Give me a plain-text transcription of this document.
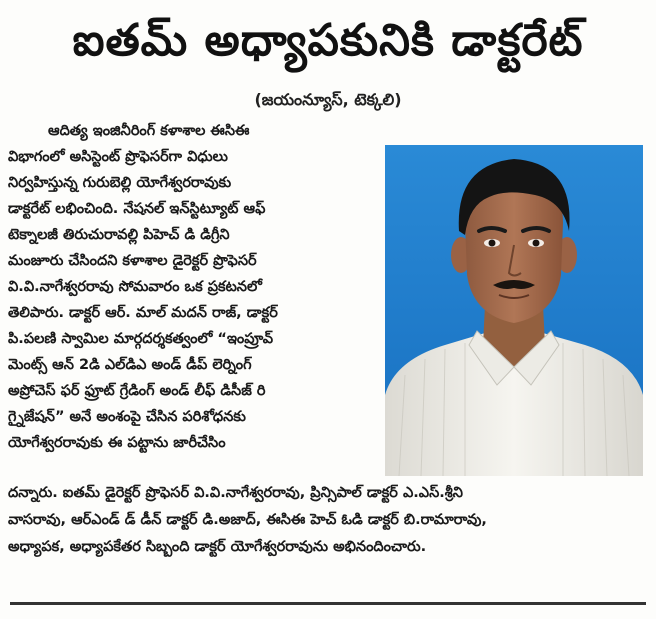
ఐతమ్ అధ్యాపకునికి డాక్టరేట్
(జయంన్యూస్, టెక్కలి)
ఆదిత్య ఇంజినీరింగ్ కళాశాల ఈసిఈ
విభాగంలో అసిస్టెంట్ ప్రొఫెసర్‌గా విధులు
నిర్వహిస్తున్న గురుబెల్లి యోగేశ్వరరావుకు
డాక్టరేట్ లభించింది. నేషనల్ ఇన్‌స్టిట్యూట్ ఆఫ్
టెక్నాలజీ తిరుచురావల్లి పిహెచ్ డి డిగ్రీని
మంజూరు చేసిందని కళాశాల డైరెక్టర్ ప్రొఫెసర్
వి.వి.నాగేశ్వరరావు సోమవారం ఒక ప్రకటనలో
తెలిపారు. డాక్టర్ ఆర్. మాల్ మదన్ రాజ్, డాక్టర్
పి.పలణి స్వామిల మార్గదర్శకత్వంలో “ఇంప్రూవ్
మెంట్స్ ఆన్ 2డి ఎల్‌డిఎ అండ్ డీప్ లెర్నింగ్
అప్రోచెస్ ఫర్ ఫ్రూట్ గ్రేడింగ్ అండ్ లీఫ్ డిసీజ్ రి
గ్నైజేషన్” అనే అంశంపై చేసిన పరిశోధనకు
యోగేశ్వరరావుకు ఈ పట్టాను జారీచేసిం
దన్నారు. ఐతమ్ డైరెక్టర్ ప్రొఫెసర్ వి.వి.నాగేశ్వరరావు, ప్రిన్సిపాల్ డాక్టర్ ఎ.ఎస్.శ్రీని
వాసరావు, ఆర్‌ఎండ్ డ్ డీన్ డాక్టర్ డి.అజాద్, ఈసిఈ హెచ్ ఓడి డాక్టర్ బి.రామారావు,
అధ్యాపక, అధ్యాపకేతర సిబ్బంది డాక్టర్ యోగేశ్వరరావును అభినందించారు.
